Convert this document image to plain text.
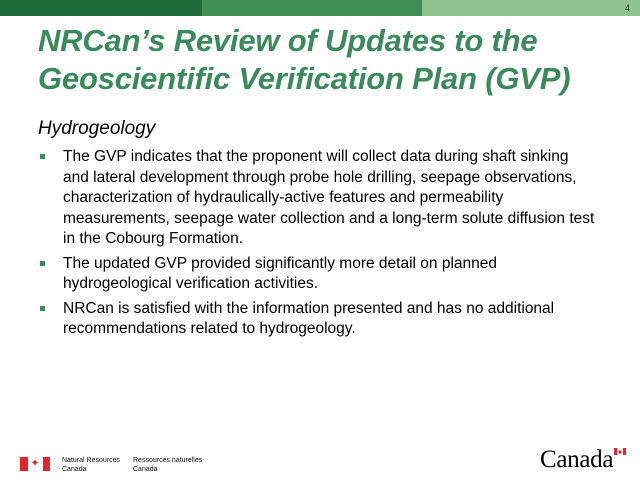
4
NRCan’s Review of Updates to the
Geoscientific Verification Plan (GVP)
Hydrogeology
The GVP indicates that the proponent will collect data during shaft sinking and lateral development through probe hole drilling, seepage observations, characterization of hydraulically-active features and permeability measurements, seepage water collection and a long-term solute diffusion test in the Cobourg Formation.
The updated GVP provided significantly more detail on planned hydrogeological verification activities.
NRCan is satisfied with the information presented and has no additional recommendations related to hydrogeology.
✦	Natural Resources
Canada
Ressources naturelles
Canada	Canada
